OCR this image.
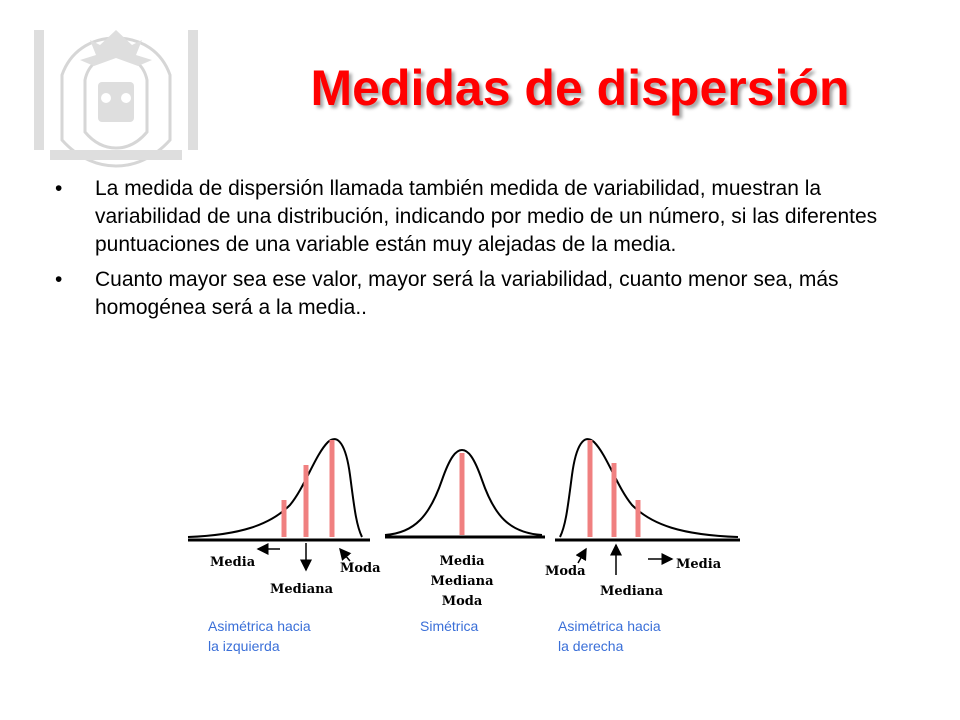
Medidas de dispersión
• La medida de dispersión llamada también medida de variabilidad, muestran la variabilidad de una distribución, indicando por medio de un número, si las diferentes puntuaciones de una variable están muy alejadas de la media.
• Cuanto mayor sea ese valor, mayor será la variabilidad, cuanto menor sea, más homogénea será a la media..
Media
Mediana
Moda
Asimétrica hacia
la izquierda
Media
Mediana
Moda
Simétrica
Moda
Mediana
Media
Asimétrica hacia
la derecha
